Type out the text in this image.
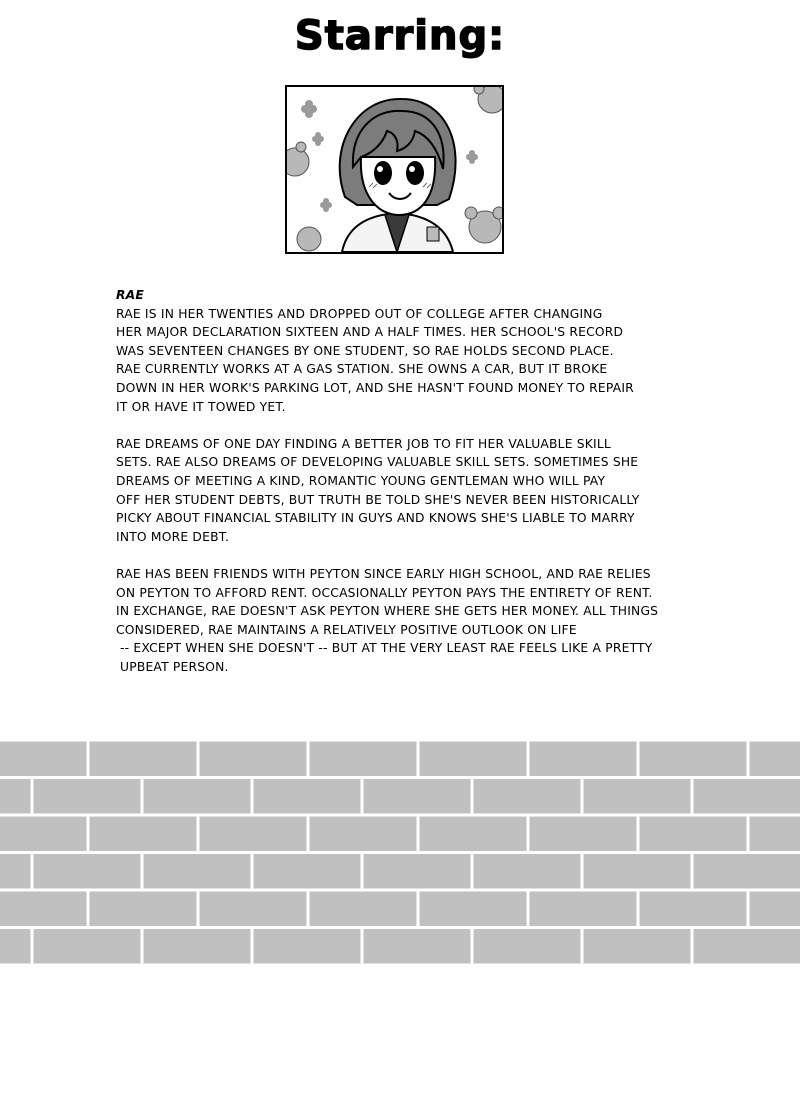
Starring:
RAE
RAE IS IN HER TWENTIES AND DROPPED OUT OF COLLEGE AFTER CHANGING
HER MAJOR DECLARATION SIXTEEN AND A HALF TIMES. HER SCHOOL'S RECORD
WAS SEVENTEEN CHANGES BY ONE STUDENT, SO RAE HOLDS SECOND PLACE.
RAE CURRENTLY WORKS AT A GAS STATION. SHE OWNS A CAR, BUT IT BROKE
DOWN IN HER WORK'S PARKING LOT, AND SHE HASN'T FOUND MONEY TO REPAIR
IT OR HAVE IT TOWED YET.
RAE DREAMS OF ONE DAY FINDING A BETTER JOB TO FIT HER VALUABLE SKILL
SETS. RAE ALSO DREAMS OF DEVELOPING VALUABLE SKILL SETS. SOMETIMES SHE
DREAMS OF MEETING A KIND, ROMANTIC YOUNG GENTLEMAN WHO WILL PAY
OFF HER STUDENT DEBTS, BUT TRUTH BE TOLD SHE'S NEVER BEEN HISTORICALLY
PICKY ABOUT FINANCIAL STABILITY IN GUYS AND KNOWS SHE'S LIABLE TO MARRY
INTO MORE DEBT.
RAE HAS BEEN FRIENDS WITH PEYTON SINCE EARLY HIGH SCHOOL, AND RAE RELIES
ON PEYTON TO AFFORD RENT. OCCASIONALLY PEYTON PAYS THE ENTIRETY OF RENT.
IN EXCHANGE, RAE DOESN'T ASK PEYTON WHERE SHE GETS HER MONEY. ALL THINGS
CONSIDERED, RAE MAINTAINS A RELATIVELY POSITIVE OUTLOOK ON LIFE
-- EXCEPT WHEN SHE DOESN'T -- BUT AT THE VERY LEAST RAE FEELS LIKE A PRETTY
UPBEAT PERSON.
